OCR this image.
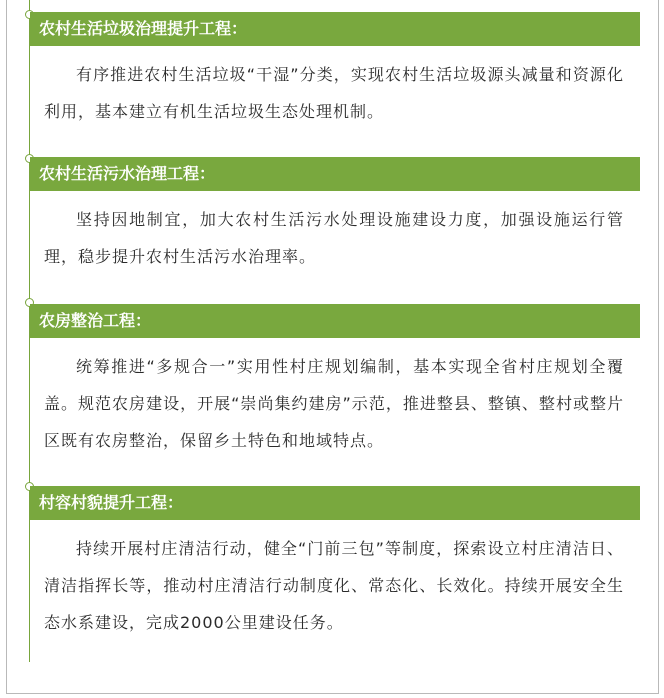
农村生活垃圾治理提升工程：

有序推进农村生活垃圾“干湿”分类，实现农村生活垃圾源头减量和资源化利用，基本建立有机生活垃圾生态处理机制。

农村生活污水治理工程：

坚持因地制宜，加大农村生活污水处理设施建设力度，加强设施运行管理，稳步提升农村生活污水治理率。

农房整治工程：

统筹推进“多规合一”实用性村庄规划编制，基本实现全省村庄规划全覆盖。规范农房建设，开展“崇尚集约建房”示范，推进整县、整镇、整村或整片区既有农房整治，保留乡土特色和地域特点。

村容村貌提升工程：

持续开展村庄清洁行动，健全“门前三包”等制度，探索设立村庄清洁日、清洁指挥长等，推动村庄清洁行动制度化、常态化、长效化。持续开展安全生态水系建设，完成2000公里建设任务。
